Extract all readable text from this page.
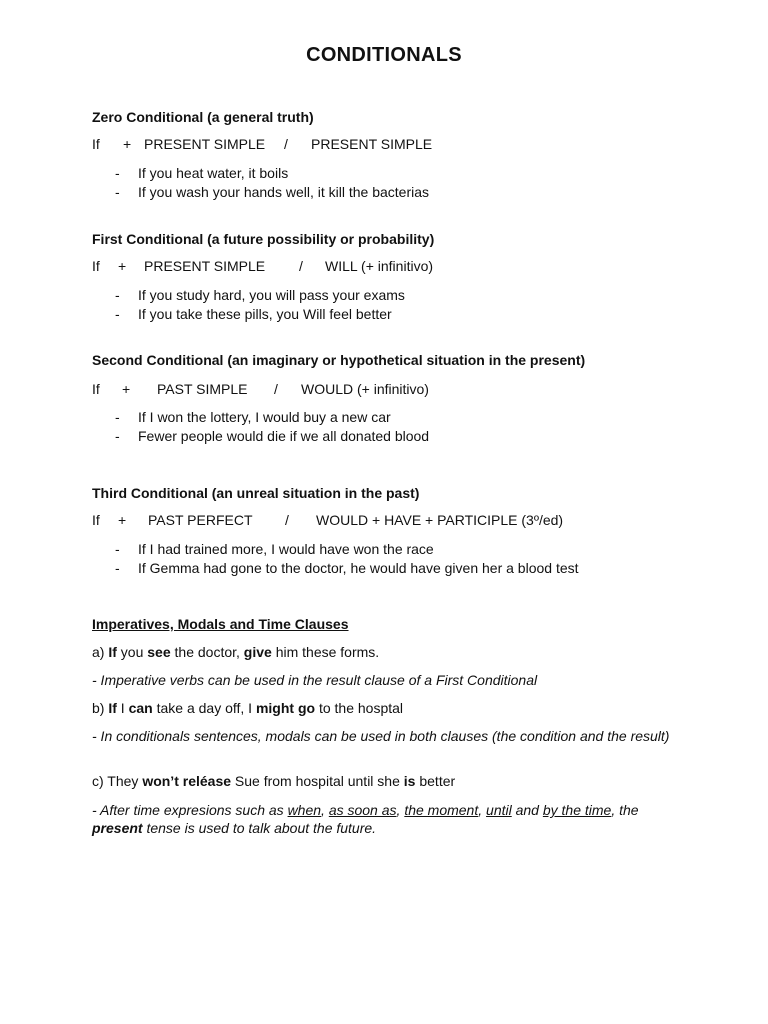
CONDITIONALS
Zero Conditional (a general truth)
If	+ PRESENT SIMPLE	/	PRESENT SIMPLE
- If you heat water, it boils
- If you wash your hands well, it kill the bacterias
First Conditional (a future possibility or probability)
If	+	PRESENT SIMPLE	/	WILL (+ infinitivo)
- If you study hard, you will pass your exams
- If you take these pills, you Will feel better
Second Conditional (an imaginary or hypothetical situation in the present)
If	+	PAST SIMPLE	/	WOULD (+ infinitivo)
- If I won the lottery, I would buy a new car
- Fewer people would die if we all donated blood
Third Conditional (an unreal situation in the past)
If	+	PAST PERFECT	/	WOULD + HAVE + PARTICIPLE (3º/ed)
- If I had trained more, I would have won the race
- If Gemma had gone to the doctor, he would have given her a blood test
Imperatives, Modals and Time Clauses
a) If you see the doctor, give him these forms.
- Imperative verbs can be used in the result clause of a First Conditional
b) If I can take a day off, I might go to the hosptal
- In conditionals sentences, modals can be used in both clauses (the condition and the result)
c) They won’t reléase Sue from hospital until she is better
- After time expresions such as when, as soon as, the moment, until and by the time, the present tense is used to talk about the future.
